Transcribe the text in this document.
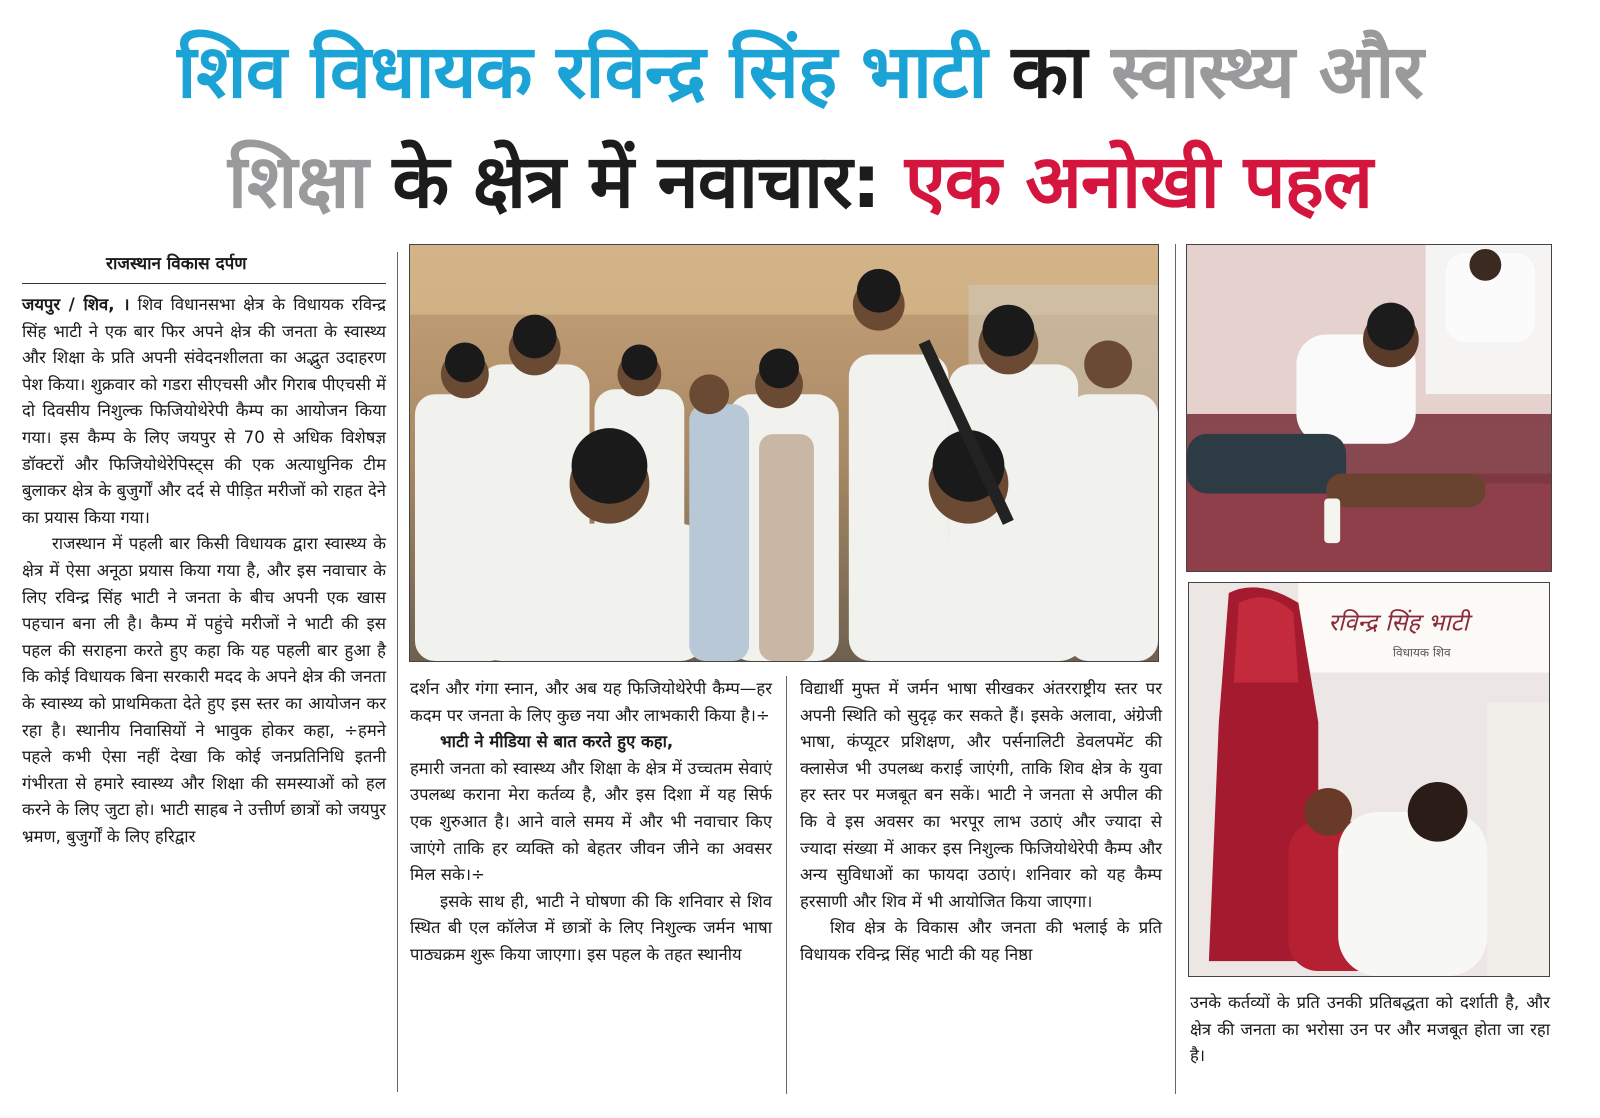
शिव विधायक रविन्द्र सिंह भाटी का स्वास्थ्य और
शिक्षा के क्षेत्र में नवाचार: एक अनोखी पहल
राजस्थान विकास दर्पण

जयपुर / शिव, । शिव विधानसभा क्षेत्र के विधायक रविन्द्र सिंह भाटी ने एक बार फिर अपने क्षेत्र की जनता के स्वास्थ्य और शिक्षा के प्रति अपनी संवेदनशीलता का अद्भुत उदाहरण पेश किया। शुक्रवार को गडरा सीएचसी और गिराब पीएचसी में दो दिवसीय निशुल्क फिजियोथेरेपी कैम्प का आयोजन किया गया। इस कैम्प के लिए जयपुर से 70 से अधिक विशेषज्ञ डॉक्टरों और फिजियोथेरेपिस्ट्स की एक अत्याधुनिक टीम बुलाकर क्षेत्र के बुजुर्गों और दर्द से पीड़ित मरीजों को राहत देने का प्रयास किया गया।

राजस्थान में पहली बार किसी विधायक द्वारा स्वास्थ्य के क्षेत्र में ऐसा अनूठा प्रयास किया गया है, और इस नवाचार के लिए रविन्द्र सिंह भाटी ने जनता के बीच अपनी एक खास पहचान बना ली है। कैम्प में पहुंचे मरीजों ने भाटी की इस पहल की सराहना करते हुए कहा कि यह पहली बार हुआ है कि कोई विधायक बिना सरकारी मदद के अपने क्षेत्र की जनता के स्वास्थ्य को प्राथमिकता देते हुए इस स्तर का आयोजन कर रहा है। स्थानीय निवासियों ने भावुक होकर कहा, ÷हमने पहले कभी ऐसा नहीं देखा कि कोई जनप्रतिनिधि इतनी गंभीरता से हमारे स्वास्थ्य और शिक्षा की समस्याओं को हल करने के लिए जुटा हो। भाटी साहब ने उत्तीर्ण छात्रों को जयपुर भ्रमण, बुजुर्गों के लिए हरिद्वार

दर्शन और गंगा स्नान, और अब यह फिजियोथेरेपी कैम्प—हर कदम पर जनता के लिए कुछ नया और लाभकारी किया है।÷

भाटी ने मीडिया से बात करते हुए कहा,

हमारी जनता को स्वास्थ्य और शिक्षा के क्षेत्र में उच्चतम सेवाएं उपलब्ध कराना मेरा कर्तव्य है, और इस दिशा में यह सिर्फ एक शुरुआत है। आने वाले समय में और भी नवाचार किए जाएंगे ताकि हर व्यक्ति को बेहतर जीवन जीने का अवसर मिल सके।÷

इसके साथ ही, भाटी ने घोषणा की कि शनिवार से शिव स्थित बी एल कॉलेज में छात्रों के लिए निशुल्क जर्मन भाषा पाठ्यक्रम शुरू किया जाएगा। इस पहल के तहत स्थानीय

विद्यार्थी मुफ्त में जर्मन भाषा सीखकर अंतरराष्ट्रीय स्तर पर अपनी स्थिति को सुदृढ़ कर सकते हैं। इसके अलावा, अंग्रेजी भाषा, कंप्यूटर प्रशिक्षण, और पर्सनालिटी डेवलपमेंट की क्लासेज भी उपलब्ध कराई जाएंगी, ताकि शिव क्षेत्र के युवा हर स्तर पर मजबूत बन सकें। भाटी ने जनता से अपील की कि वे इस अवसर का भरपूर लाभ उठाएं और ज्यादा से ज्यादा संख्या में आकर इस निशुल्क फिजियोथेरेपी कैम्प और अन्य सुविधाओं का फायदा उठाएं। शनिवार को यह कैम्प हरसाणी और शिव में भी आयोजित किया जाएगा।

शिव क्षेत्र के विकास और जनता की भलाई के प्रति विधायक रविन्द्र सिंह भाटी की यह निष्ठा

रविन्द्र सिंह भाटी
विधायक शिव

उनके कर्तव्यों के प्रति उनकी प्रतिबद्धता को दर्शाती है, और क्षेत्र की जनता का भरोसा उन पर और मजबूत होता जा रहा है।
